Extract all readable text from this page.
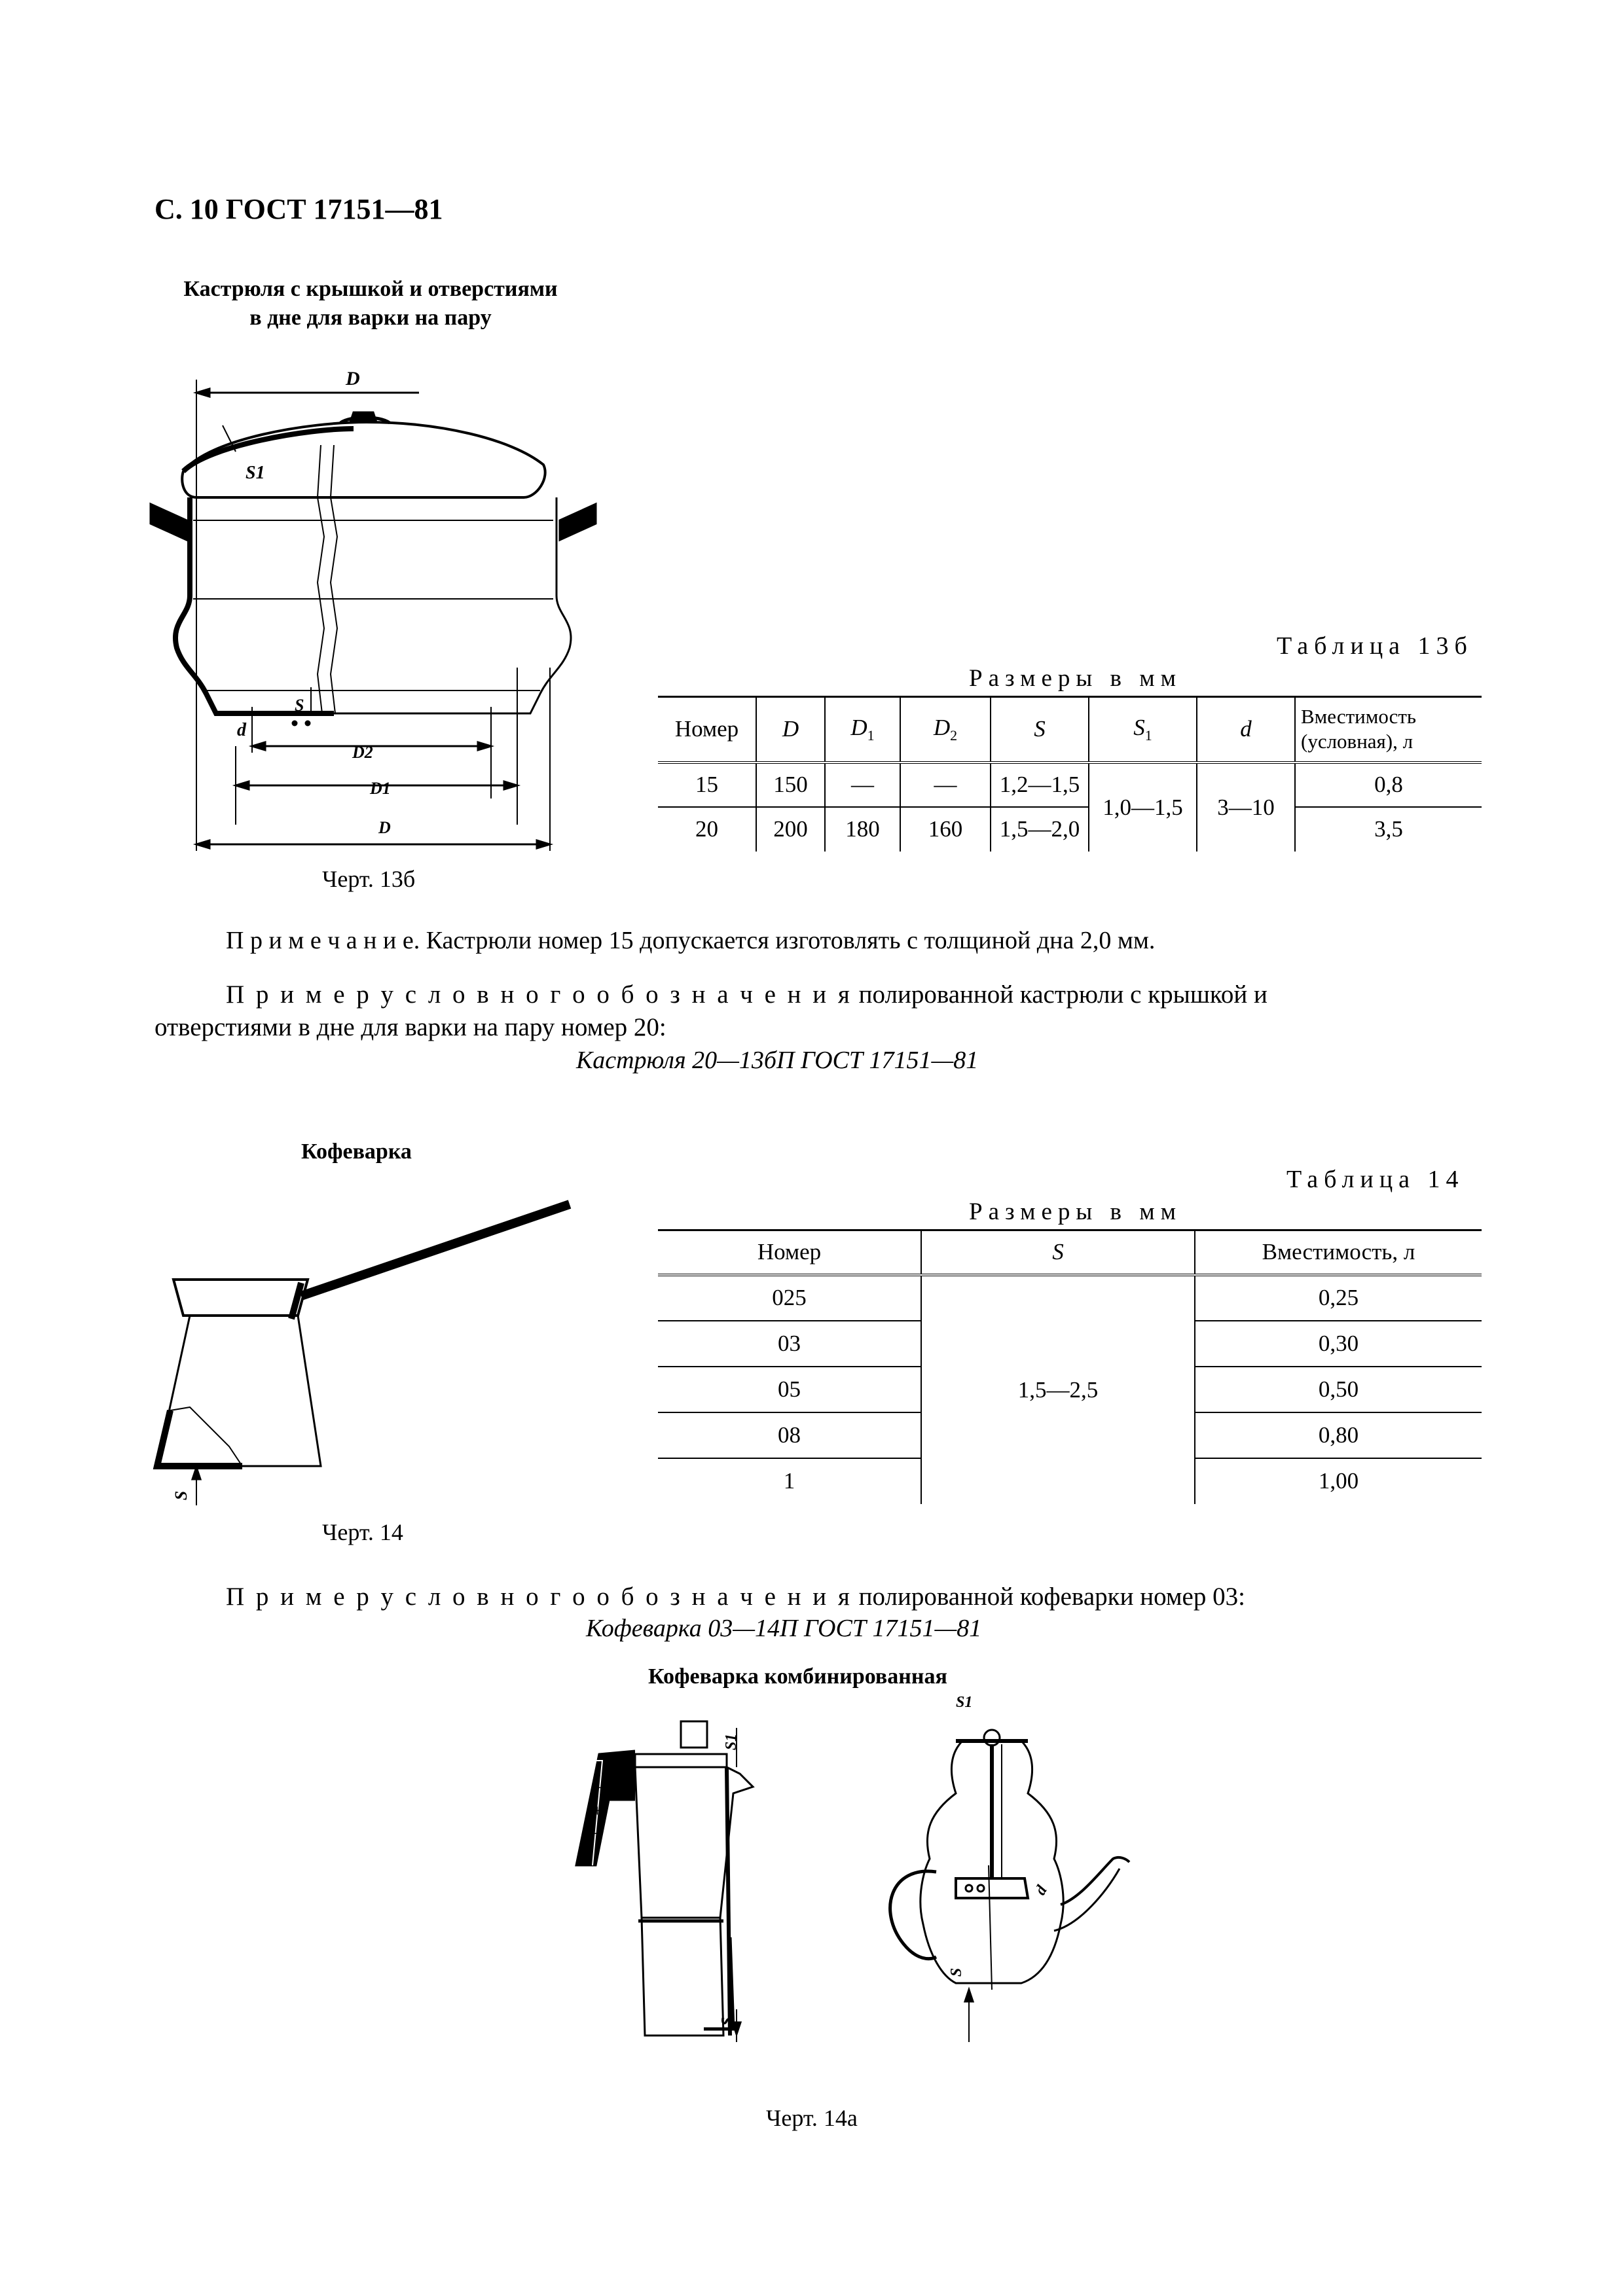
С. 10 ГОСТ 17151—81
Кастрюля с крышкой и отверстиями
в дне для варки на пару
D
S1
S
d
D2
D1
D
Черт. 13б
Таблица 13б
Размеры в мм
Номер	D	$D_1$	$D_2$	S	$S_1$	d	Вместимость
(условная), л

15	150	—	—	1,2—1,5	1,0—1,5	3—10	0,8
20	200	180	160	1,5—2,0			3,5
П р и м е ч а н и е. Кастрюли номер 15 допускается изготовлять с толщиной дна 2,0 мм.
П р и м е р у с л о в н о г о о б о з н а ч е н и я полированной кастрюли с крышкой и
отверстиями в дне для варки на пару номер 20:
Кастрюля 20—13бП ГОСТ 17151—81
Кофеварка
S
Черт. 14
Таблица 14
Размеры в мм
Номер	S	Вместимость, л
025	1,5—2,5	0,25
03		0,30
05		0,50
08		0,80
1		1,00
П р и м е р у с л о в н о г о о б о з н а ч е н и я полированной кофеварки номер 03:
Кофеварка 03—14П ГОСТ 17151—81
Кофеварка комбинированная
+
+
+
S1
S
S1
S
d
Черт. 14а
